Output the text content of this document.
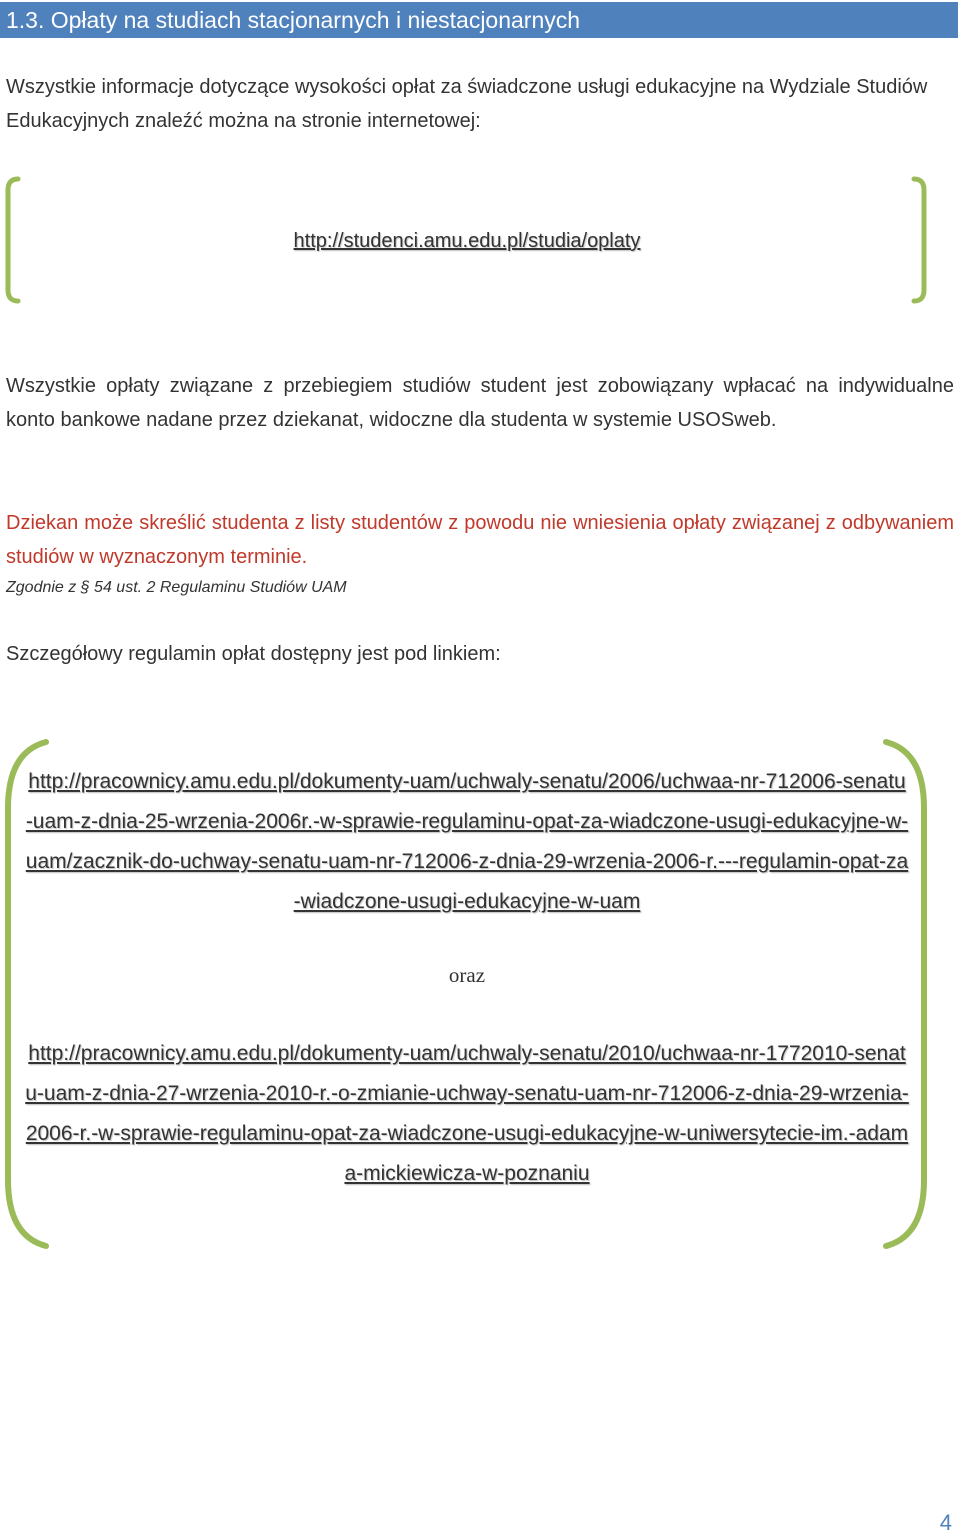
1.3. Opłaty na studiach stacjonarnych i niestacjonarnych
Wszystkie informacje dotyczące wysokości opłat za świadczone usługi edukacyjne na Wydziale Studiów Edukacyjnych znaleźć można na stronie internetowej:
http://studenci.amu.edu.pl/studia/oplaty
Wszystkie opłaty związane z przebiegiem studiów student jest zobowiązany wpłacać na indywidualne konto bankowe nadane przez dziekanat, widoczne dla studenta w systemie USOSweb.
Dziekan może skreślić studenta z listy studentów z powodu nie wniesienia opłaty związanej z odbywaniem studiów w wyznaczonym terminie.
Zgodnie z § 54 ust. 2 Regulaminu Studiów UAM
Szczegółowy regulamin opłat dostępny jest pod linkiem:
http://pracownicy.amu.edu.pl/dokumenty-uam/uchwaly-senatu/2006/uchwaa-nr-712006-senatu-uam-z-dnia-25-wrzenia-2006r.-w-sprawie-regulaminu-opat-za-wiadczone-usugi-edukacyjne-w-uam/zacznik-do-uchway-senatu-uam-nr-712006-z-dnia-29-wrzenia-2006-r.---regulamin-opat-za-wiadczone-usugi-edukacyjne-w-uam
oraz
http://pracownicy.amu.edu.pl/dokumenty-uam/uchwaly-senatu/2010/uchwaa-nr-1772010-senatu-uam-z-dnia-27-wrzenia-2010-r.-o-zmianie-uchway-senatu-uam-nr-712006-z-dnia-29-wrzenia-2006-r.-w-sprawie-regulaminu-opat-za-wiadczone-usugi-edukacyjne-w-uniwersytecie-im.-adama-mickiewicza-w-poznaniu
4
